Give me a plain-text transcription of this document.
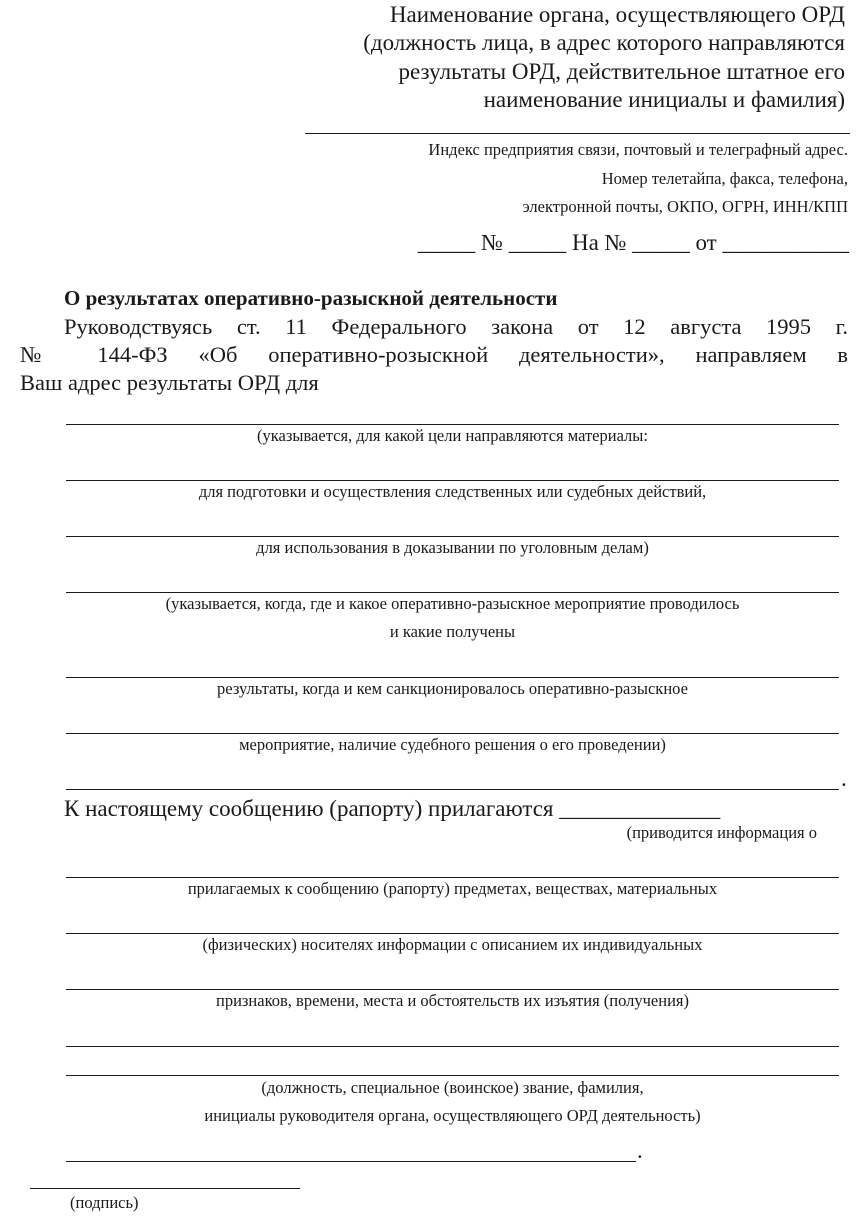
Наименование органа, осуществляющего ОРД
(должность лица, в адрес которого направляются
результаты ОРД, действительное штатное его
наименование инициалы и фамилия)
Индекс предприятия связи, почтовый и телеграфный адрес.
Номер телетайпа, факса, телефона,
электронной почты, ОКПО, ОГРН, ИНН/КПП
_____ № _____ На № _____ от ___________
О результатах оперативно-разыскной деятельности
Руководствуясь ст. 11 Федерального закона от 12 августа 1995 г.
№ 144-ФЗ «Об оперативно-розыскной деятельности», направляем в
Ваш адрес результаты ОРД для
(указывается, для какой цели направляются материалы:
для подготовки и осуществления следственных или судебных действий,
для использования в доказывании по уголовным делам)
(указывается, когда, где и какое оперативно-разыскное мероприятие проводилось
и какие получены
результаты, когда и кем санкционировалось оперативно-разыскное
мероприятие, наличие судебного решения о его проведении)
.
К настоящему сообщению (рапорту) прилагаются ______________
(приводится информация о
прилагаемых к сообщению (рапорту) предметах, веществах, материальных
(физических) носителях информации с описанием их индивидуальных
признаков, времени, места и обстоятельств их изъятия (получения)
(должность, специальное (воинское) звание, фамилия,
инициалы руководителя органа, осуществляющего ОРД деятельность)
.
(подпись)
